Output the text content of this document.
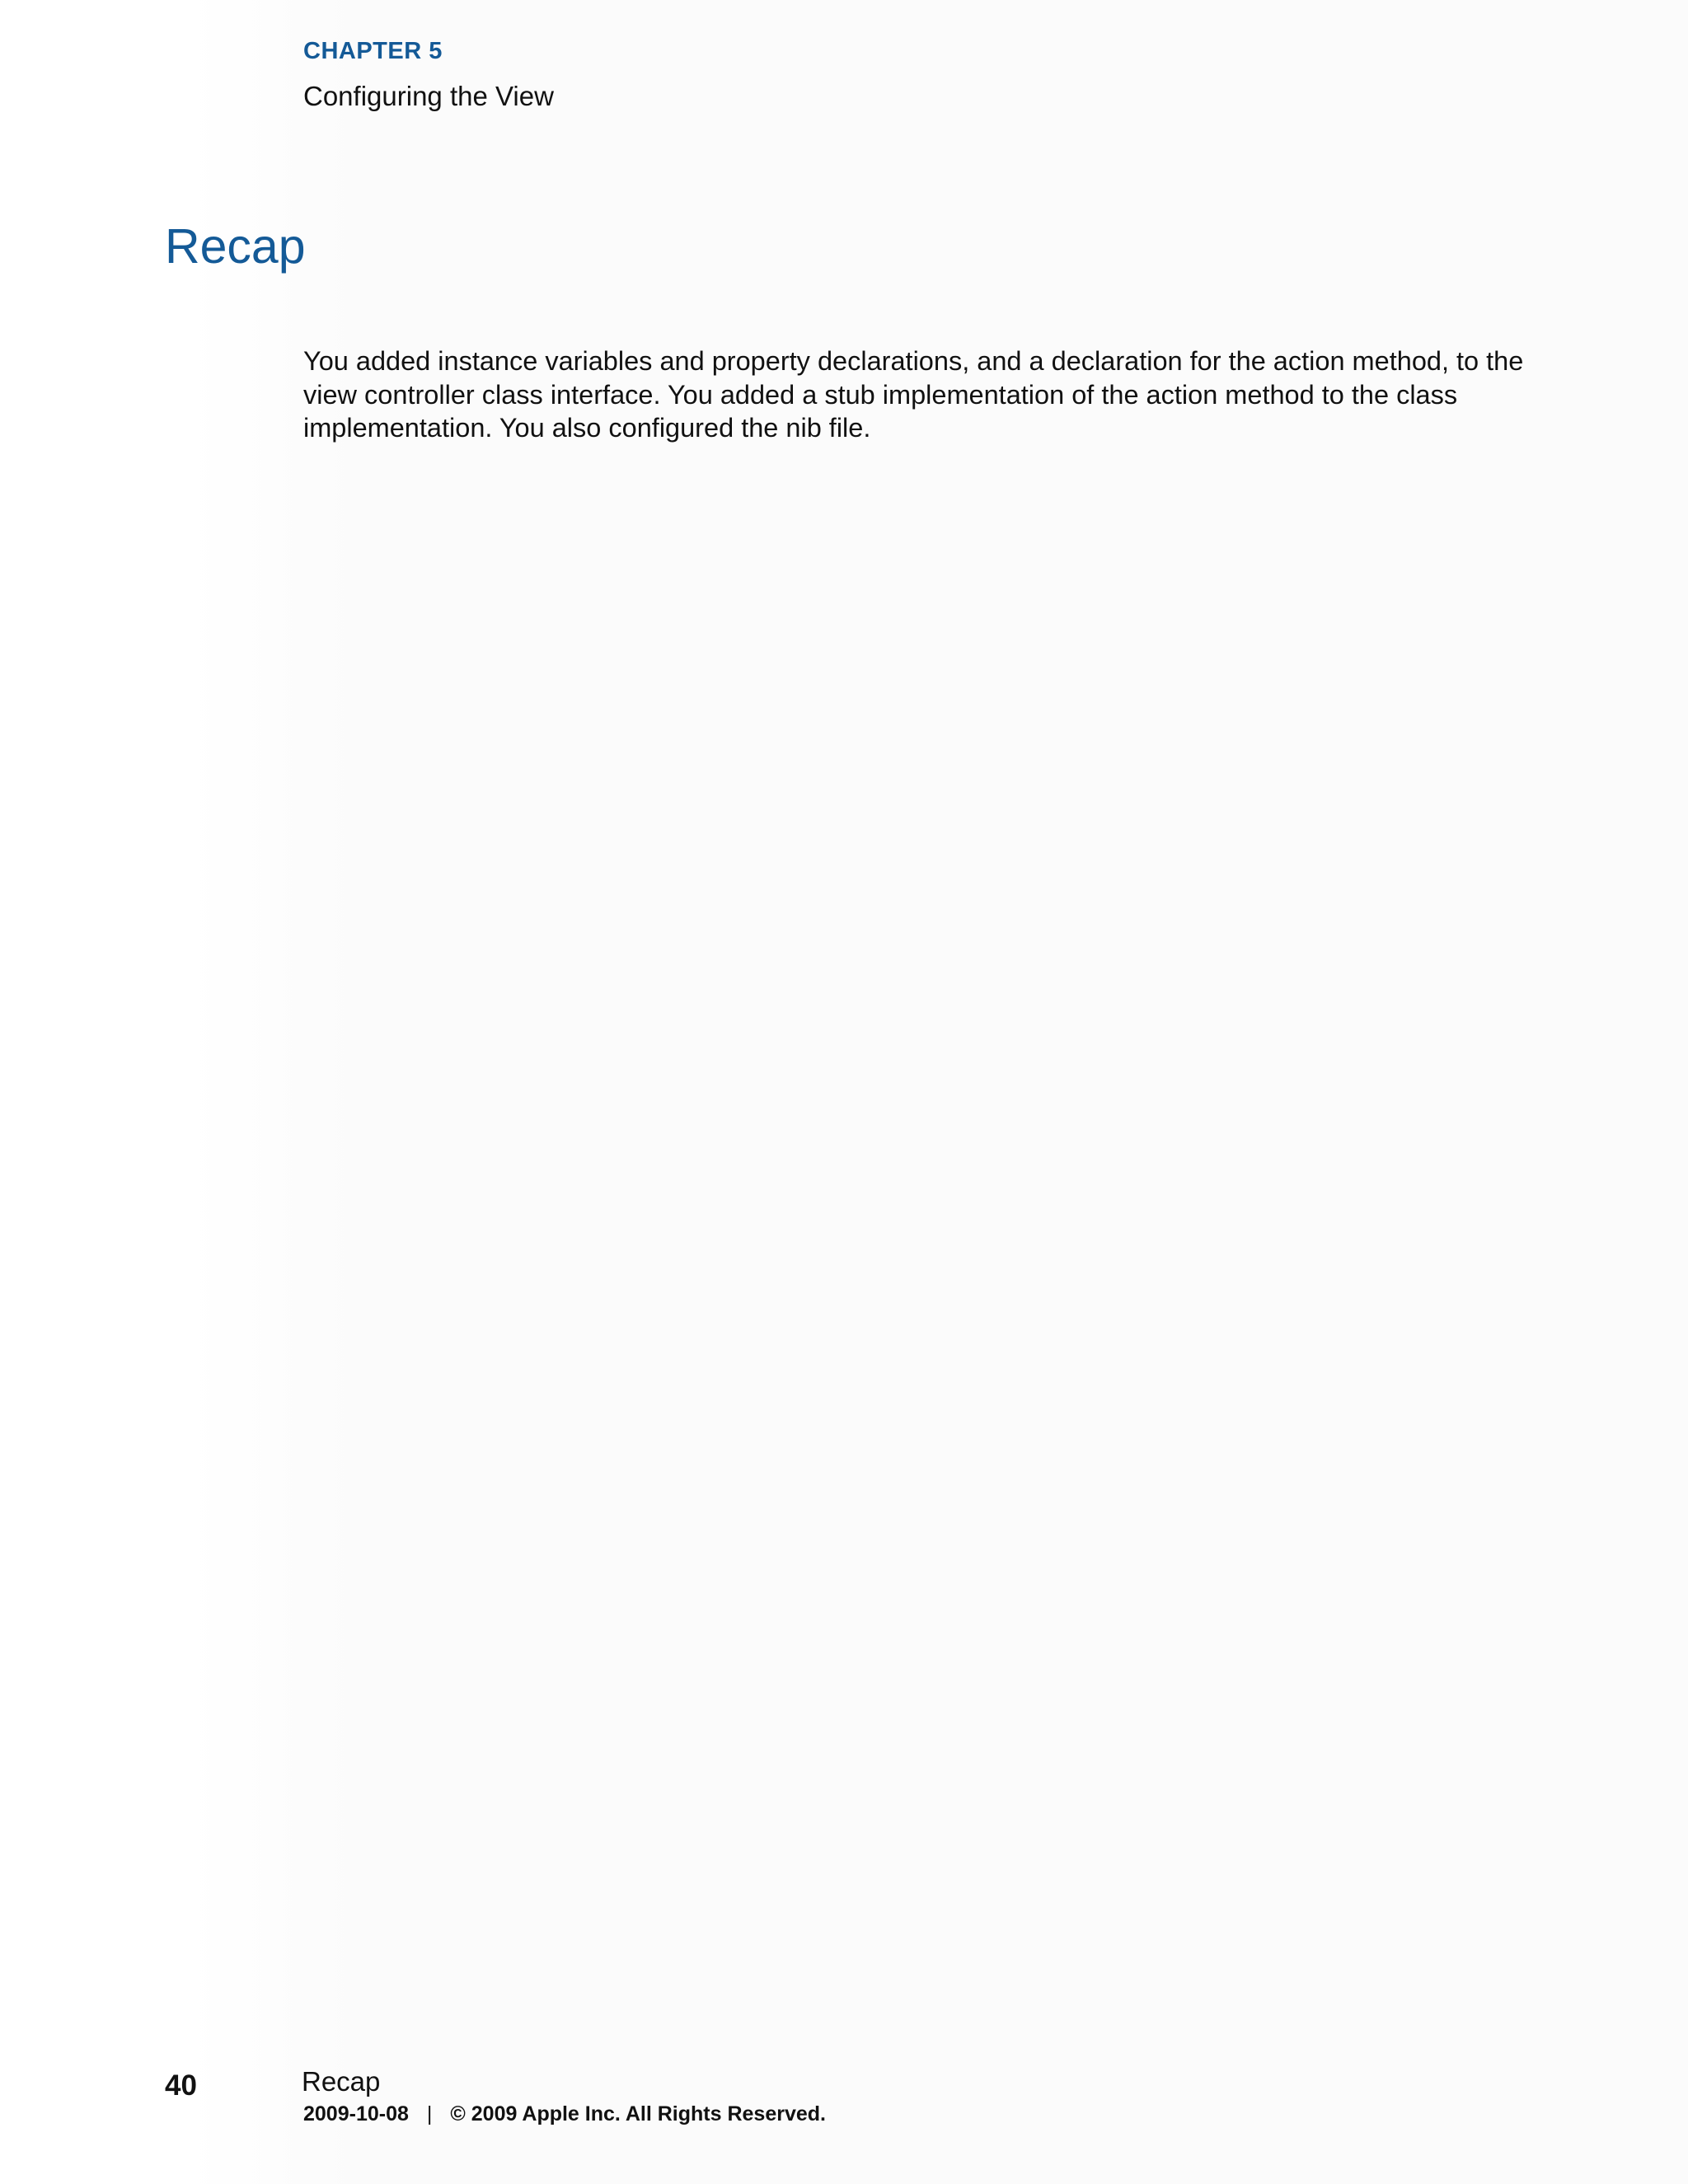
CHAPTER 5
Configuring the View
Recap

You added instance variables and property declarations, and a declaration for the action method, to the view controller class interface. You added a stub implementation of the action method to the class implementation. You also configured the nib file.

40	Recap
2009-10-08 | © 2009 Apple Inc. All Rights Reserved.
